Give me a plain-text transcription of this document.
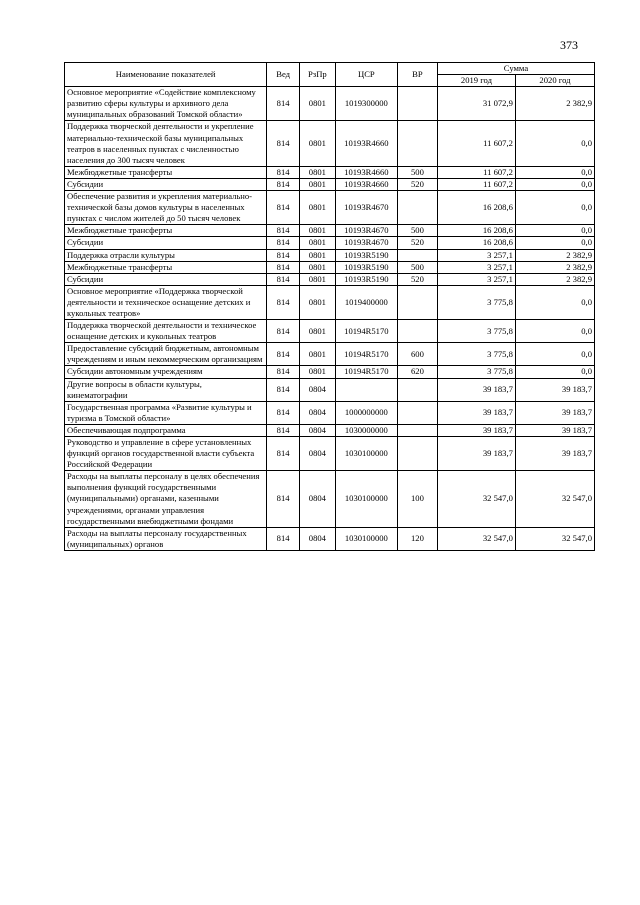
373
Наименование показателей	Вед	РзПр	ЦСР	ВР	Сумма	
					2019 год	2020 год
Основное мероприятие «Содействие комплексному развитию сферы культуры и архивного дела муниципальных образований Томской области»	814	0801	1019300000		31 072,9	2 382,9
Поддержка творческой деятельности и укрепление материально-технической базы муниципальных театров в населенных пунктах с численностью населения до 300 тысяч человек	814	0801	10193R4660		11 607,2	0,0
Межбюджетные трансферты	814	0801	10193R4660	500	11 607,2	0,0
Субсидии	814	0801	10193R4660	520	11 607,2	0,0
Обеспечение развития и укрепления материально-технической базы домов культуры в населенных пунктах с числом жителей до 50 тысяч человек	814	0801	10193R4670		16 208,6	0,0
Межбюджетные трансферты	814	0801	10193R4670	500	16 208,6	0,0
Субсидии	814	0801	10193R4670	520	16 208,6	0,0
Поддержка отрасли культуры	814	0801	10193R5190		3 257,1	2 382,9
Межбюджетные трансферты	814	0801	10193R5190	500	3 257,1	2 382,9
Субсидии	814	0801	10193R5190	520	3 257,1	2 382,9
Основное мероприятие «Поддержка творческой деятельности и техническое оснащение детских и кукольных театров»	814	0801	1019400000		3 775,8	0,0
Поддержка творческой деятельности и техническое оснащение детских и кукольных театров	814	0801	10194R5170		3 775,8	0,0
Предоставление субсидий бюджетным, автономным учреждениям и иным некоммерческим организациям	814	0801	10194R5170	600	3 775,8	0,0
Субсидии автономным учреждениям	814	0801	10194R5170	620	3 775,8	0,0
Другие вопросы в области культуры, кинематографии	814	0804			39 183,7	39 183,7
Государственная программа «Развитие культуры и туризма в Томской области»	814	0804	1000000000		39 183,7	39 183,7
Обеспечивающая подпрограмма	814	0804	1030000000		39 183,7	39 183,7
Руководство и управление в сфере установленных функций органов государственной власти субъекта Российской Федерации	814	0804	1030100000		39 183,7	39 183,7
Расходы на выплаты персоналу в целях обеспечения выполнения функций государственными (муниципальными) органами, казенными учреждениями, органами управления государственными внебюджетными фондами	814	0804	1030100000	100	32 547,0	32 547,0
Расходы на выплаты персоналу государственных (муниципальных) органов	814	0804	1030100000	120	32 547,0	32 547,0
